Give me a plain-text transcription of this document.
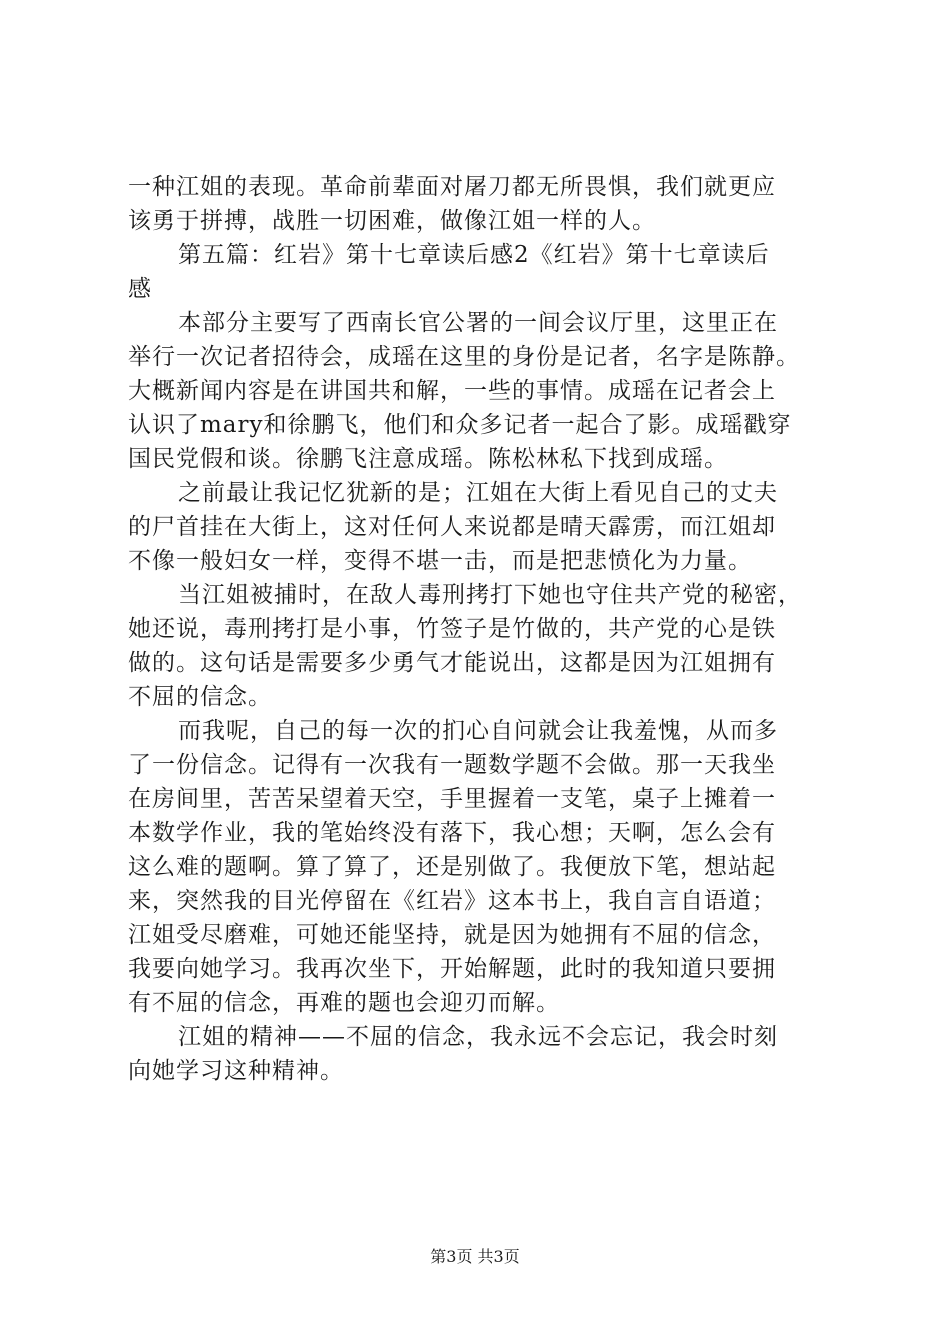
一种江姐的表现。革命前辈面对屠刀都无所畏惧，我们就更应
该勇于拼搏，战胜一切困难，做像江姐一样的人。

第五篇：红岩》第十七章读后感2《红岩》第十七章读后
感

本部分主要写了西南长官公署的一间会议厅里，这里正在
举行一次记者招待会，成瑶在这里的身份是记者，名字是陈静。
大概新闻内容是在讲国共和解，一些的事情。成瑶在记者会上
认识了mary和徐鹏飞，他们和众多记者一起合了影。成瑶戳穿
国民党假和谈。徐鹏飞注意成瑶。陈松林私下找到成瑶。

之前最让我记忆犹新的是；江姐在大街上看见自己的丈夫
的尸首挂在大街上，这对任何人来说都是晴天霹雳，而江姐却
不像一般妇女一样，变得不堪一击，而是把悲愤化为力量。

当江姐被捕时，在敌人毒刑拷打下她也守住共产党的秘密，
她还说，毒刑拷打是小事，竹签子是竹做的，共产党的心是铁
做的。这句话是需要多少勇气才能说出，这都是因为江姐拥有
不屈的信念。

而我呢，自己的每一次的扪心自问就会让我羞愧，从而多
了一份信念。记得有一次我有一题数学题不会做。那一天我坐
在房间里，苦苦呆望着天空，手里握着一支笔，桌子上摊着一
本数学作业，我的笔始终没有落下，我心想；天啊，怎么会有
这么难的题啊。算了算了，还是别做了。我便放下笔，想站起
来，突然我的目光停留在《红岩》这本书上，我自言自语道；
江姐受尽磨难，可她还能坚持，就是因为她拥有不屈的信念，
我要向她学习。我再次坐下，开始解题，此时的我知道只要拥
有不屈的信念，再难的题也会迎刃而解。

江姐的精神——不屈的信念，我永远不会忘记，我会时刻
向她学习这种精神。

第3页 共3页
